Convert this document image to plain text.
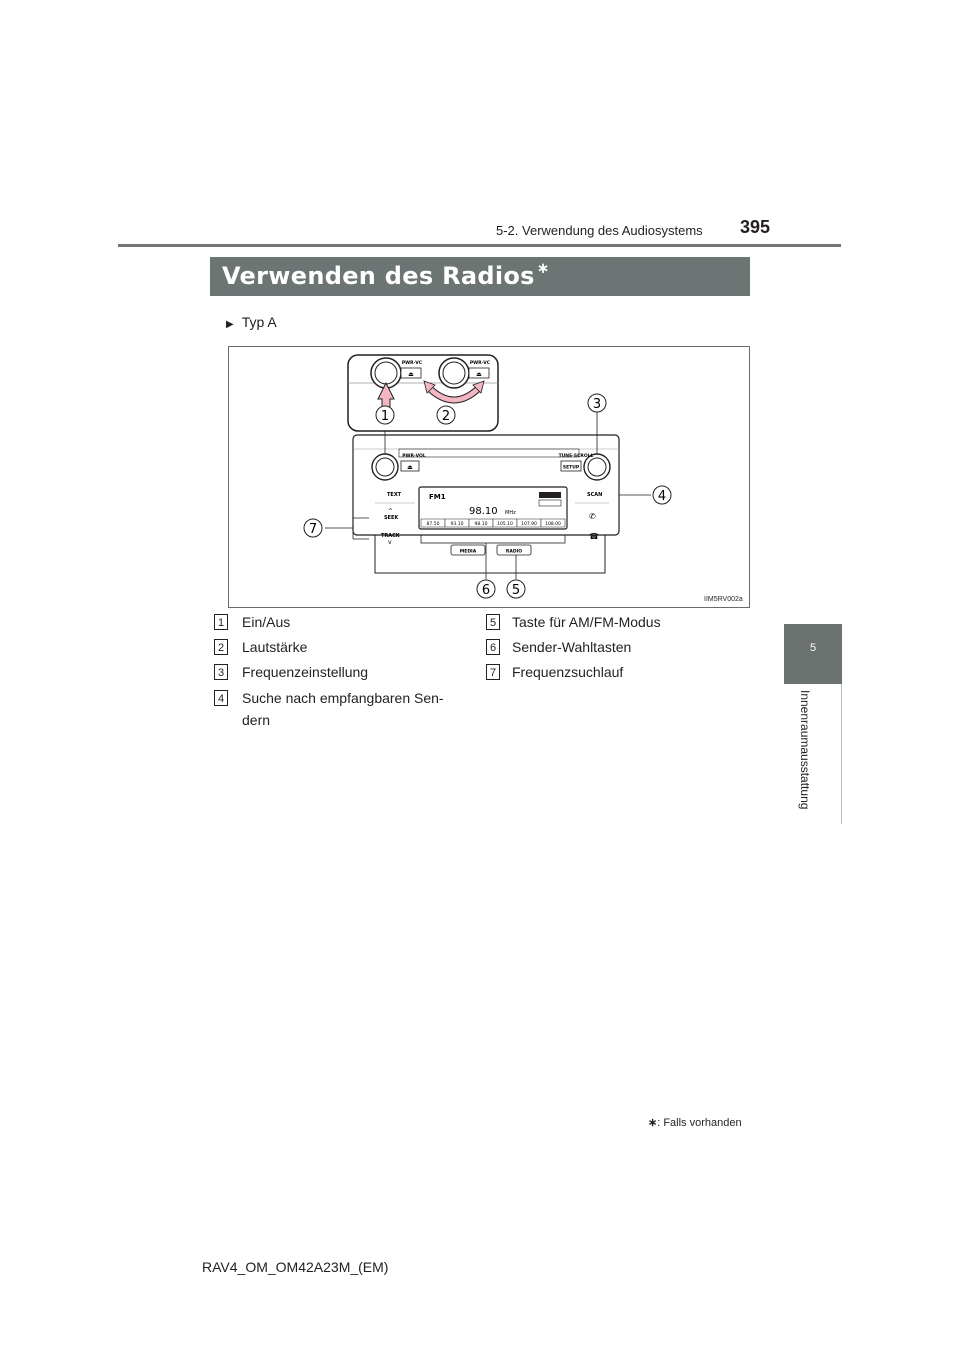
5-2. Verwendung des Audiosystems 395
5
Innenraumausstattung
Verwenden des Radios ∗
▶ Typ A
⏏
PWR·VC
⏏
PWR·VC
⏏
PWR·VOL
SETUP
TUNE·SCROLL
TEXT
SEEK
^
TRACK
v
SCAN
✆
☎
FM1
98.10 MHz
87.50 93.10 98.10 105.10 107.90 108.00
MEDIA	RADIO
1	2
3
4
5
6
7
IIM5RV002a
1 Ein/Aus
2 Lautstärke
3 Frequenzeinstellung
4 Suche nach empfangbaren Sen-
dern
5 Taste für AM/FM-Modus
6 Sender-Wahltasten
7 Frequenzsuchlauf
∗: Falls vorhanden
RAV4_OM_OM42A23M_(EM)
